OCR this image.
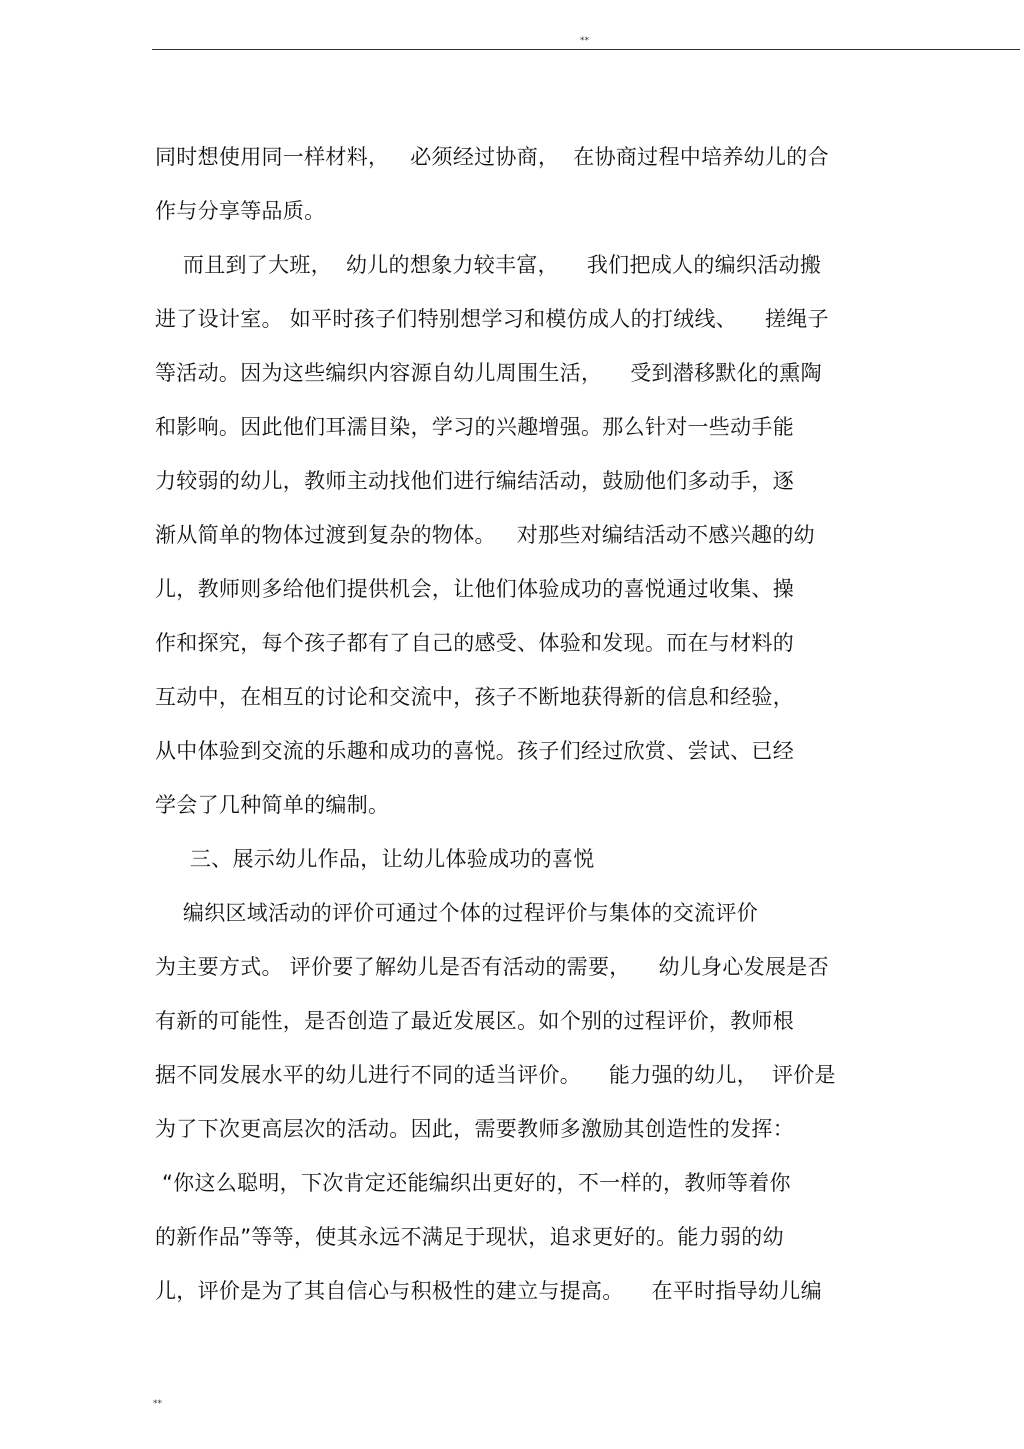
**
同时想使用同一样材料，   必须经过协商，  在协商过程中培养幼儿的合
作与分享等品质。
而且到了大班，  幼儿的想象力较丰富，    我们把成人的编织活动搬
进了设计室。 如平时孩子们特别想学习和模仿成人的打绒线、    搓绳子
等活动。因为这些编织内容源自幼儿周围生活，    受到潜移默化的熏陶
和影响。因此他们耳濡目染，学习的兴趣增强。那么针对一些动手能
力较弱的幼儿，教师主动找他们进行编结活动，鼓励他们多动手，逐
渐从简单的物体过渡到复杂的物体。   对那些对编结活动不感兴趣的幼
儿，教师则多给他们提供机会，让他们体验成功的喜悦通过收集、操
作和探究，每个孩子都有了自己的感受、体验和发现。而在与材料的
互动中，在相互的讨论和交流中，孩子不断地获得新的信息和经验，
从中体验到交流的乐趣和成功的喜悦。孩子们经过欣赏、尝试、已经
学会了几种简单的编制。
三、展示幼儿作品，让幼儿体验成功的喜悦
编织区域活动的评价可通过个体的过程评价与集体的交流评价
为主要方式。 评价要了解幼儿是否有活动的需要，    幼儿身心发展是否
有新的可能性，是否创造了最近发展区。如个别的过程评价，教师根
据不同发展水平的幼儿进行不同的适当评价。    能力强的幼儿，  评价是
为了下次更高层次的活动。因此，需要教师多激励其创造性的发挥：
“你这么聪明，下次肯定还能编织出更好的，不一样的，教师等着你
的新作品”等等，使其永远不满足于现状，追求更好的。能力弱的幼
儿，评价是为了其自信心与积极性的建立与提高。    在平时指导幼儿编
**
